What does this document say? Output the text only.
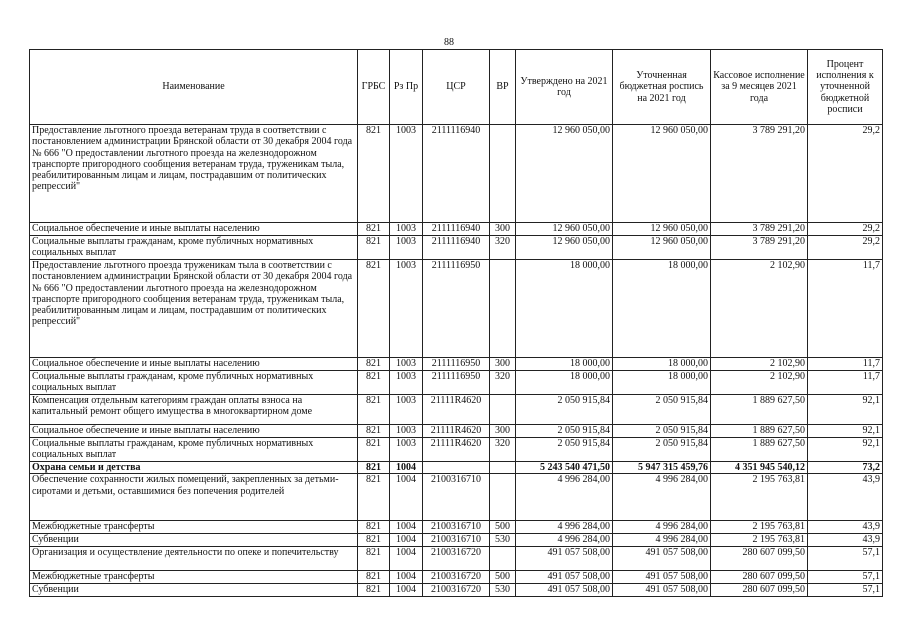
88
Наименование	ГРБС	Рз Пр	ЦСР	ВР	Утверждено на 2021 год	Уточненная бюджетная роспись на 2021 год	Кассовое исполнение за 9 месяцев 2021 года	Процент исполнения к уточненной бюджетной росписи
Предоставление льготного проезда ветеранам труда в соответствии с постановлением администрации Брянской области от 30 декабря 2004 года № 666 "О предоставлении льготного проезда на железнодорожном транспорте пригородного сообщения ветеранам труда, труженикам тыла, реабилитированным лицам и лицам, пострадавшим от политических репрессий"	821	1003	2111116940		12 960 050,00	12 960 050,00	3 789 291,20	29,2
Социальное обеспечение и иные выплаты населению	821	1003	2111116940	300	12 960 050,00	12 960 050,00	3 789 291,20	29,2
Социальные выплаты гражданам, кроме публичных нормативных социальных выплат	821	1003	2111116940	320	12 960 050,00	12 960 050,00	3 789 291,20	29,2
Предоставление льготного проезда труженикам тыла в соответствии с постановлением администрации Брянской области от 30 декабря 2004 года № 666 "О предоставлении льготного проезда на железнодорожном транспорте пригородного сообщения ветеранам труда, труженикам тыла, реабилитированным лицам и лицам, пострадавшим от политических репрессий"	821	1003	2111116950		18 000,00	18 000,00	2 102,90	11,7
Социальное обеспечение и иные выплаты населению	821	1003	2111116950	300	18 000,00	18 000,00	2 102,90	11,7
Социальные выплаты гражданам, кроме публичных нормативных социальных выплат	821	1003	2111116950	320	18 000,00	18 000,00	2 102,90	11,7
Компенсация отдельным категориям граждан оплаты взноса на капитальный ремонт общего имущества в многоквартирном доме	821	1003	21111R4620		2 050 915,84	2 050 915,84	1 889 627,50	92,1
Социальное обеспечение и иные выплаты населению	821	1003	21111R4620	300	2 050 915,84	2 050 915,84	1 889 627,50	92,1
Социальные выплаты гражданам, кроме публичных нормативных социальных выплат	821	1003	21111R4620	320	2 050 915,84	2 050 915,84	1 889 627,50	92,1
Охрана семьи и детства	821	1004			5 243 540 471,50	5 947 315 459,76	4 351 945 540,12	73,2
Обеспечение сохранности жилых помещений, закрепленных за детьми-сиротами и детьми, оставшимися без попечения родителей	821	1004	2100316710		4 996 284,00	4 996 284,00	2 195 763,81	43,9
Межбюджетные трансферты	821	1004	2100316710	500	4 996 284,00	4 996 284,00	2 195 763,81	43,9
Субвенции	821	1004	2100316710	530	4 996 284,00	4 996 284,00	2 195 763,81	43,9
Организация и осуществление деятельности по опеке и попечительству	821	1004	2100316720		491 057 508,00	491 057 508,00	280 607 099,50	57,1
Межбюджетные трансферты	821	1004	2100316720	500	491 057 508,00	491 057 508,00	280 607 099,50	57,1
Субвенции	821	1004	2100316720	530	491 057 508,00	491 057 508,00	280 607 099,50	57,1
